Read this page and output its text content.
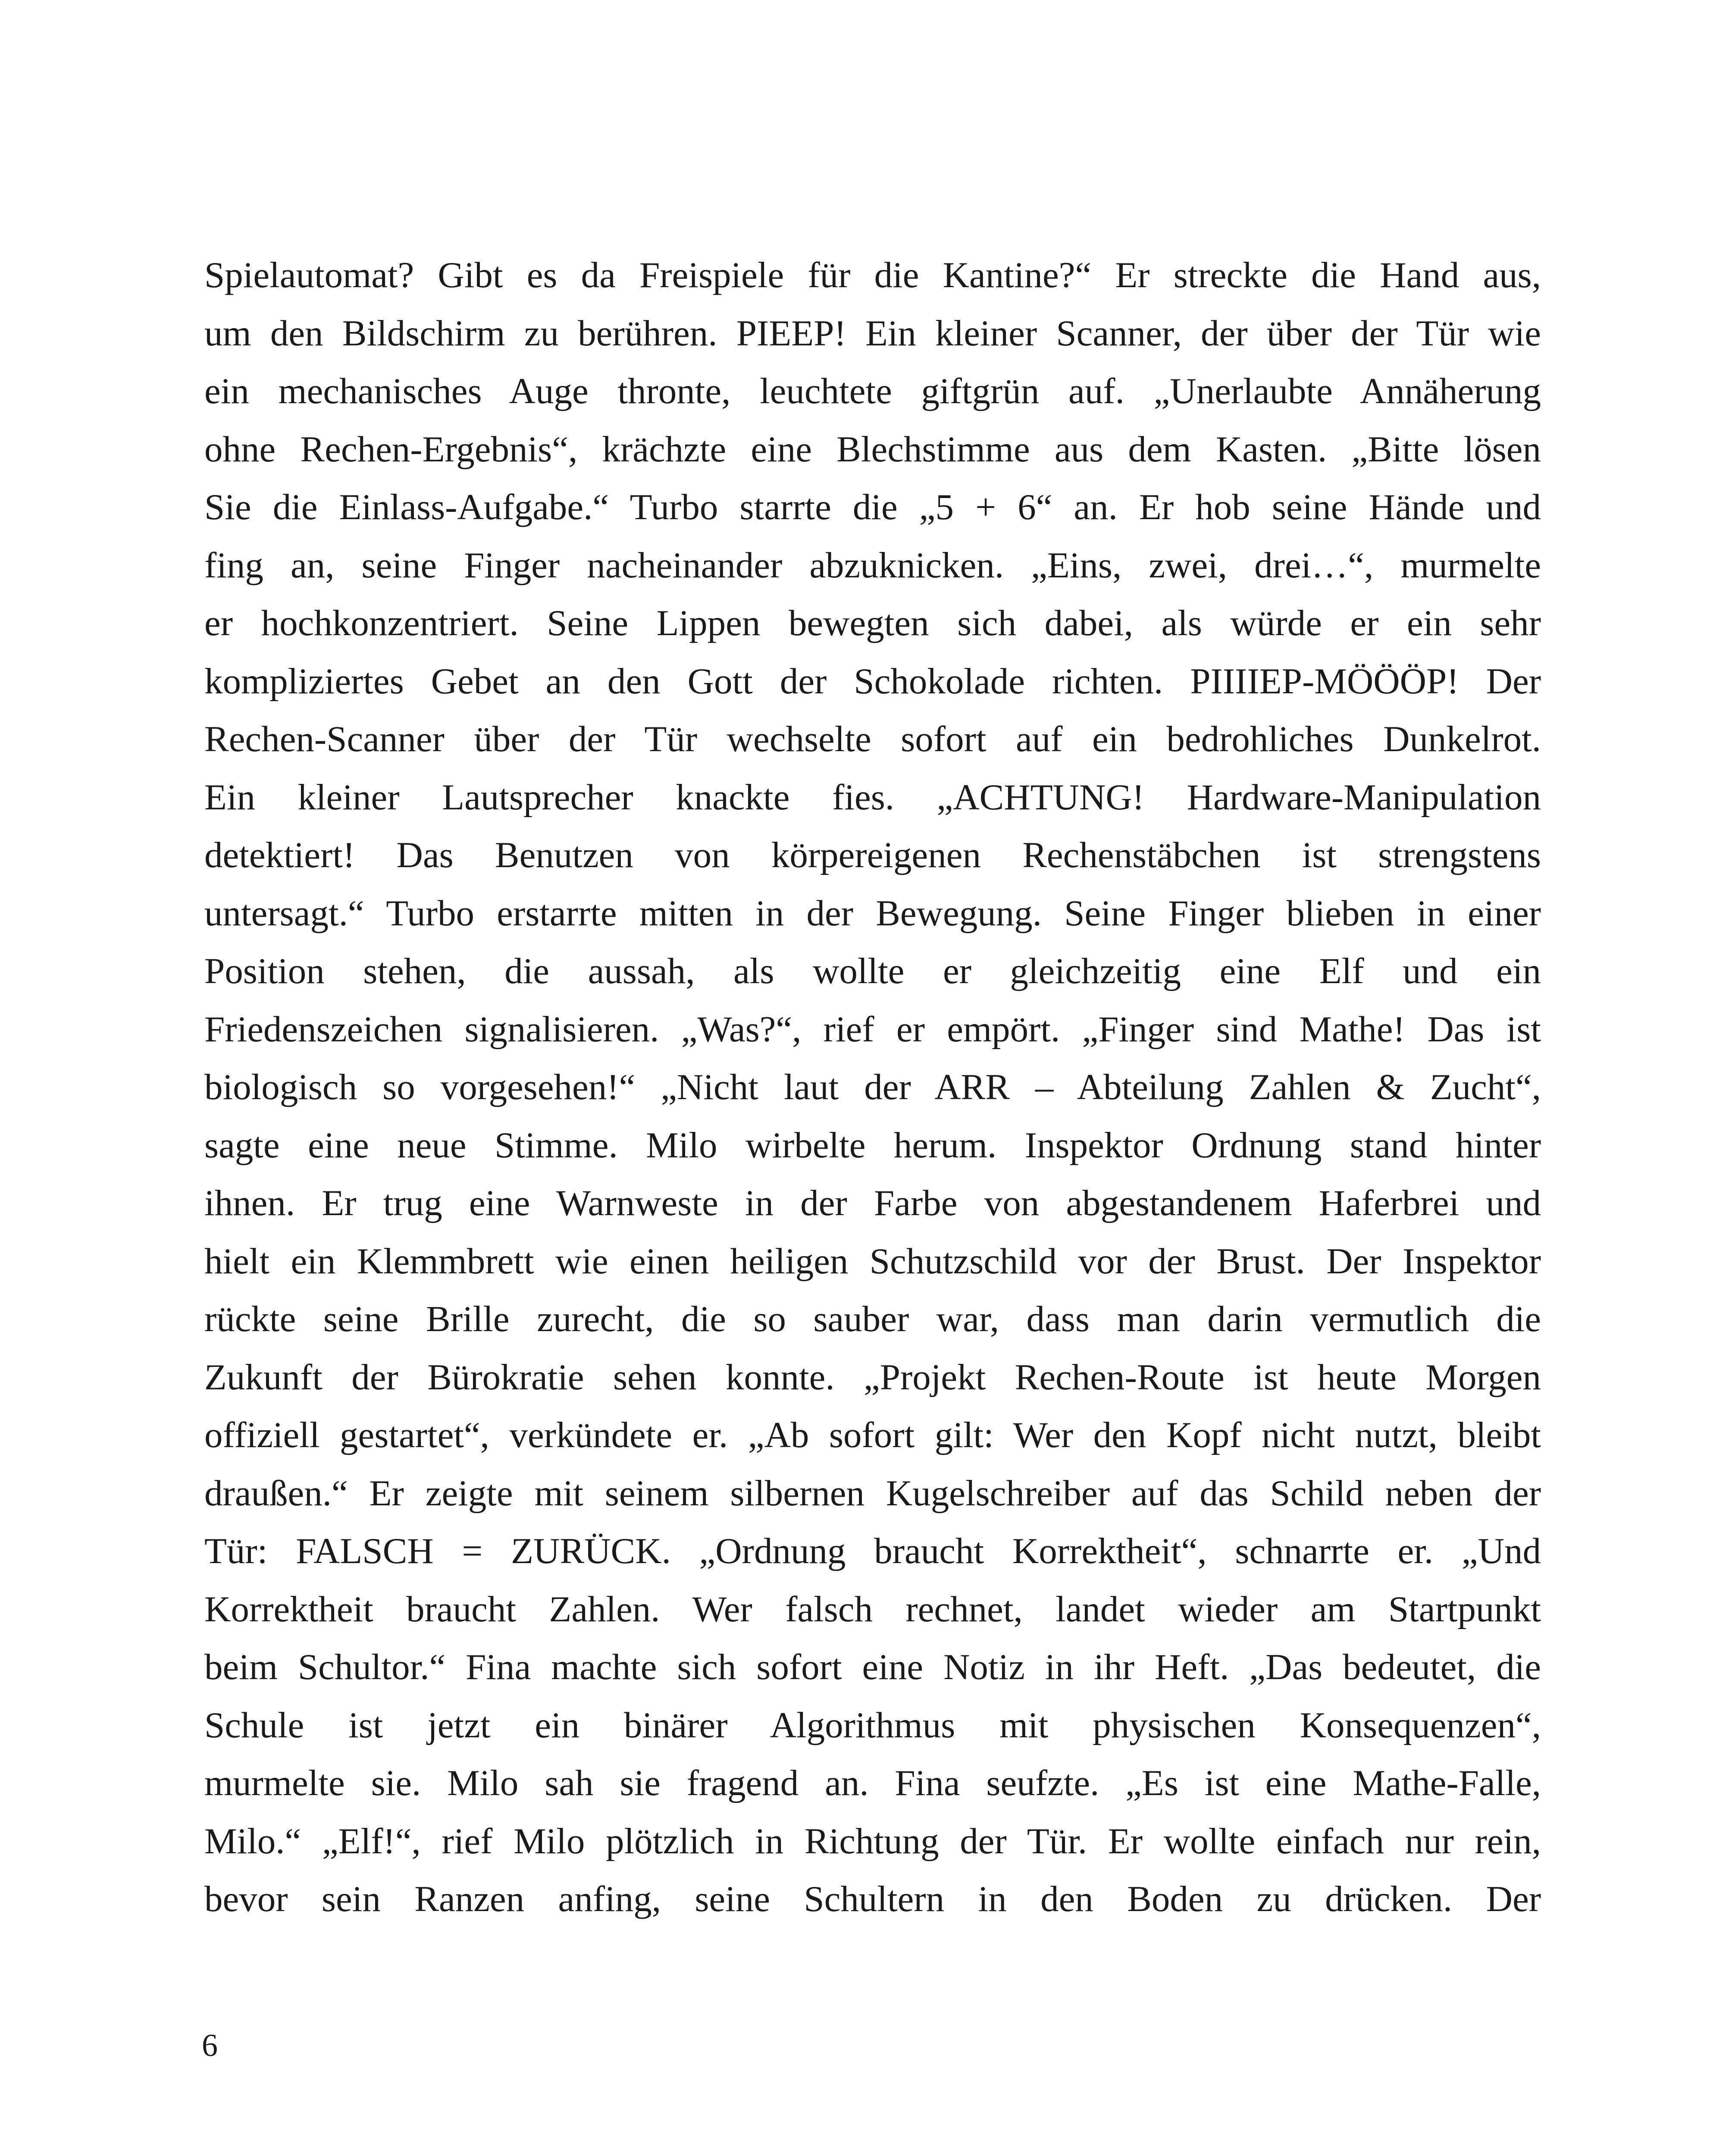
Spielautomat? Gibt es da Freispiele für die Kantine?“ Er streckte die Hand aus,
um den Bildschirm zu berühren. PIEEP! Ein kleiner Scanner, der über der Tür wie
ein mechanisches Auge thronte, leuchtete giftgrün auf. „Unerlaubte Annäherung
ohne Rechen-Ergebnis“, krächzte eine Blechstimme aus dem Kasten. „Bitte lösen
Sie die Einlass-Aufgabe.“ Turbo starrte die „5 + 6“ an. Er hob seine Hände und
fing an, seine Finger nacheinander abzuknicken. „Eins, zwei, drei…“, murmelte
er hochkonzentriert. Seine Lippen bewegten sich dabei, als würde er ein sehr
kompliziertes Gebet an den Gott der Schokolade richten. PIIIIEP-MÖÖÖP! Der
Rechen-Scanner über der Tür wechselte sofort auf ein bedrohliches Dunkelrot.
Ein kleiner Lautsprecher knackte fies. „ACHTUNG! Hardware-Manipulation
detektiert! Das Benutzen von körpereigenen Rechenstäbchen ist strengstens
untersagt.“ Turbo erstarrte mitten in der Bewegung. Seine Finger blieben in einer
Position stehen, die aussah, als wollte er gleichzeitig eine Elf und ein
Friedenszeichen signalisieren. „Was?“, rief er empört. „Finger sind Mathe! Das ist
biologisch so vorgesehen!“ „Nicht laut der ARR – Abteilung Zahlen & Zucht“,
sagte eine neue Stimme. Milo wirbelte herum. Inspektor Ordnung stand hinter
ihnen. Er trug eine Warnweste in der Farbe von abgestandenem Haferbrei und
hielt ein Klemmbrett wie einen heiligen Schutzschild vor der Brust. Der Inspektor
rückte seine Brille zurecht, die so sauber war, dass man darin vermutlich die
Zukunft der Bürokratie sehen konnte. „Projekt Rechen-Route ist heute Morgen
offiziell gestartet“, verkündete er. „Ab sofort gilt: Wer den Kopf nicht nutzt, bleibt
draußen.“ Er zeigte mit seinem silbernen Kugelschreiber auf das Schild neben der
Tür: FALSCH = ZURÜCK. „Ordnung braucht Korrektheit“, schnarrte er. „Und
Korrektheit braucht Zahlen. Wer falsch rechnet, landet wieder am Startpunkt
beim Schultor.“ Fina machte sich sofort eine Notiz in ihr Heft. „Das bedeutet, die
Schule ist jetzt ein binärer Algorithmus mit physischen Konsequenzen“,
murmelte sie. Milo sah sie fragend an. Fina seufzte. „Es ist eine Mathe-Falle,
Milo.“ „Elf!“, rief Milo plötzlich in Richtung der Tür. Er wollte einfach nur rein,
bevor sein Ranzen anfing, seine Schultern in den Boden zu drücken. Der
6
